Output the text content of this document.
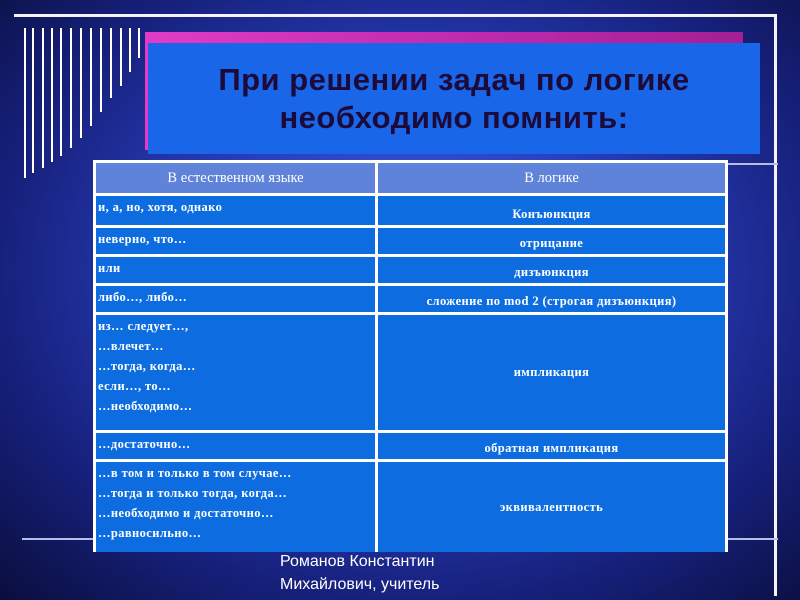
При решении задач по логике
необходимо помнить:
В естественном языке	В логике

и, а, но, хотя, однако	Конъюнкция

неверно, что…	отрицание

или	дизъюнкция

либо…, либо…	сложение по mod 2 (строгая дизъюнкция)

из… следует…,
…влечет…
…тогда, когда…
если…, то…
…необходимо…	импликация

…достаточно…	обратная импликация

…в том и только в том случае…
…тогда и только тогда, когда…
…необходимо и достаточно…
…равносильно…	эквивалентность
Романов Константин
Михайлович, учитель
